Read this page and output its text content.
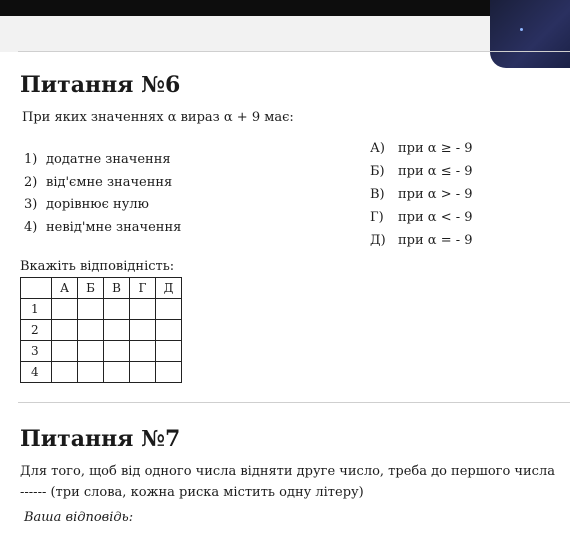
Питання №6
При яких значеннях α вираз α + 9 має:
1) додатне значення
2) від'ємне значення
3) дорівнює нулю
4) невід'мне значення
А)	при α ≥ - 9
Б)	при α ≤ - 9
В)	при α > - 9
Г)	при α < - 9
Д) при α = - 9
Вкажіть відповідність:
	А	Б	В	Г	Д
1					
2					
3					
4					
Питання №7
Для того, щоб від одного числа відняти друге число, треба до першого числа
------ (три слова, кожна риска містить одну літеру)
Ваша відповідь:
